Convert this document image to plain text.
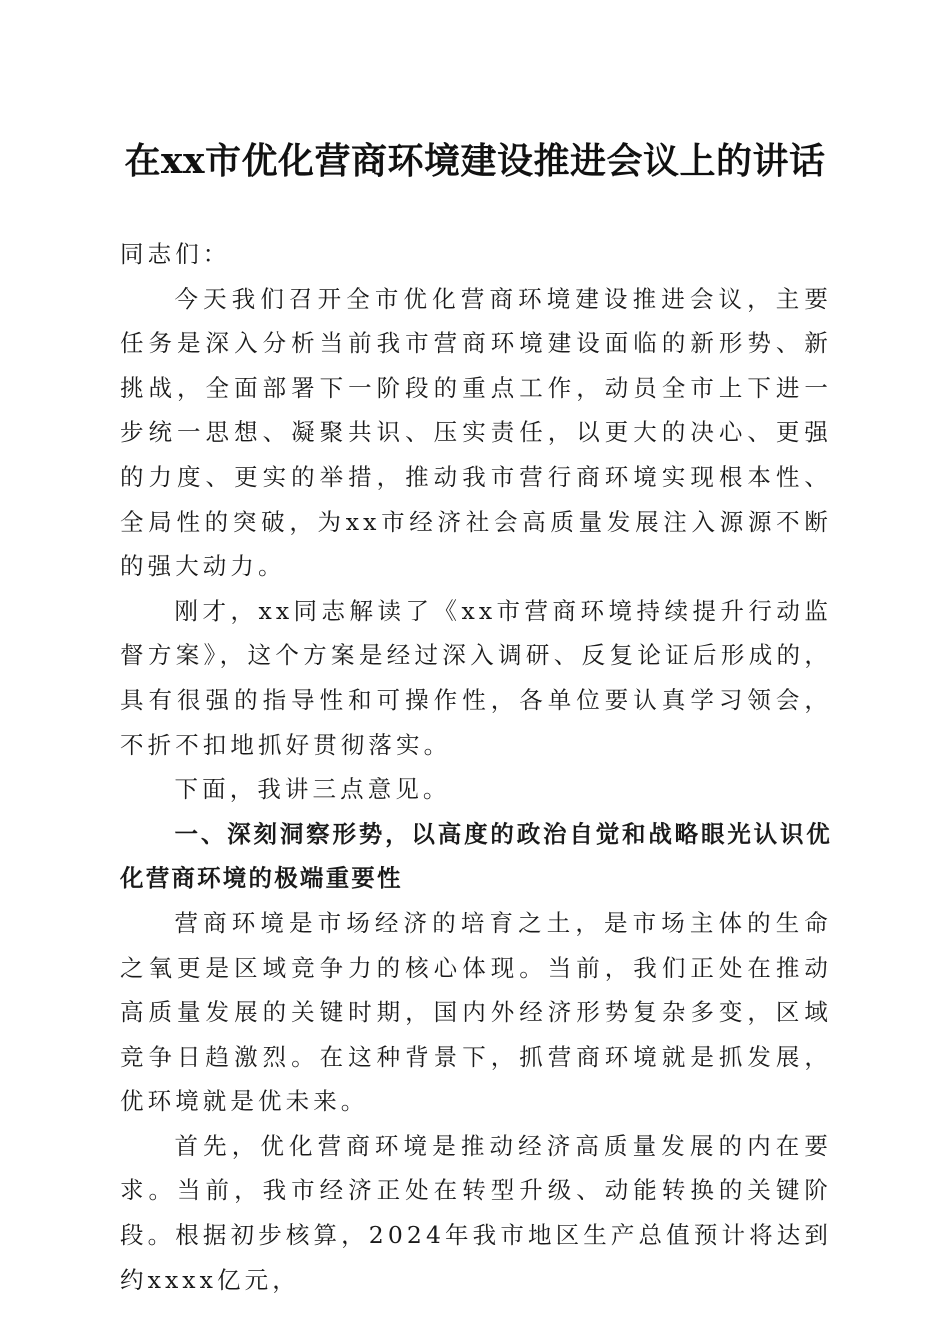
在xx市优化营商环境建设推进会议上的讲话

同志们：

今天我们召开全市优化营商环境建设推进会议，主要任务是深入分析当前我市营商环境建设面临的新形势、新挑战，全面部署下一阶段的重点工作，动员全市上下进一步统一思想、凝聚共识、压实责任，以更大的决心、更强的力度、更实的举措，推动我市营行商环境实现根本性、全局性的突破，为xx市经济社会高质量发展注入源源不断的强大动力。

刚才，xx同志解读了《xx市营商环境持续提升行动监督方案》，这个方案是经过深入调研、反复论证后形成的，具有很强的指导性和可操作性，各单位要认真学习领会，不折不扣地抓好贯彻落实。

下面，我讲三点意见。

一、深刻洞察形势，以高度的政治自觉和战略眼光认识优化营商环境的极端重要性

营商环境是市场经济的培育之土，是市场主体的生命之氧更是区域竞争力的核心体现。当前，我们正处在推动高质量发展的关键时期，国内外经济形势复杂多变，区域竞争日趋激烈。在这种背景下，抓营商环境就是抓发展，优环境就是优未来。

首先，优化营商环境是推动经济高质量发展的内在要求。当前，我市经济正处在转型升级、动能转换的关键阶段。根据初步核算，2024年我市地区生产总值预计将达到约xxxx亿元，
